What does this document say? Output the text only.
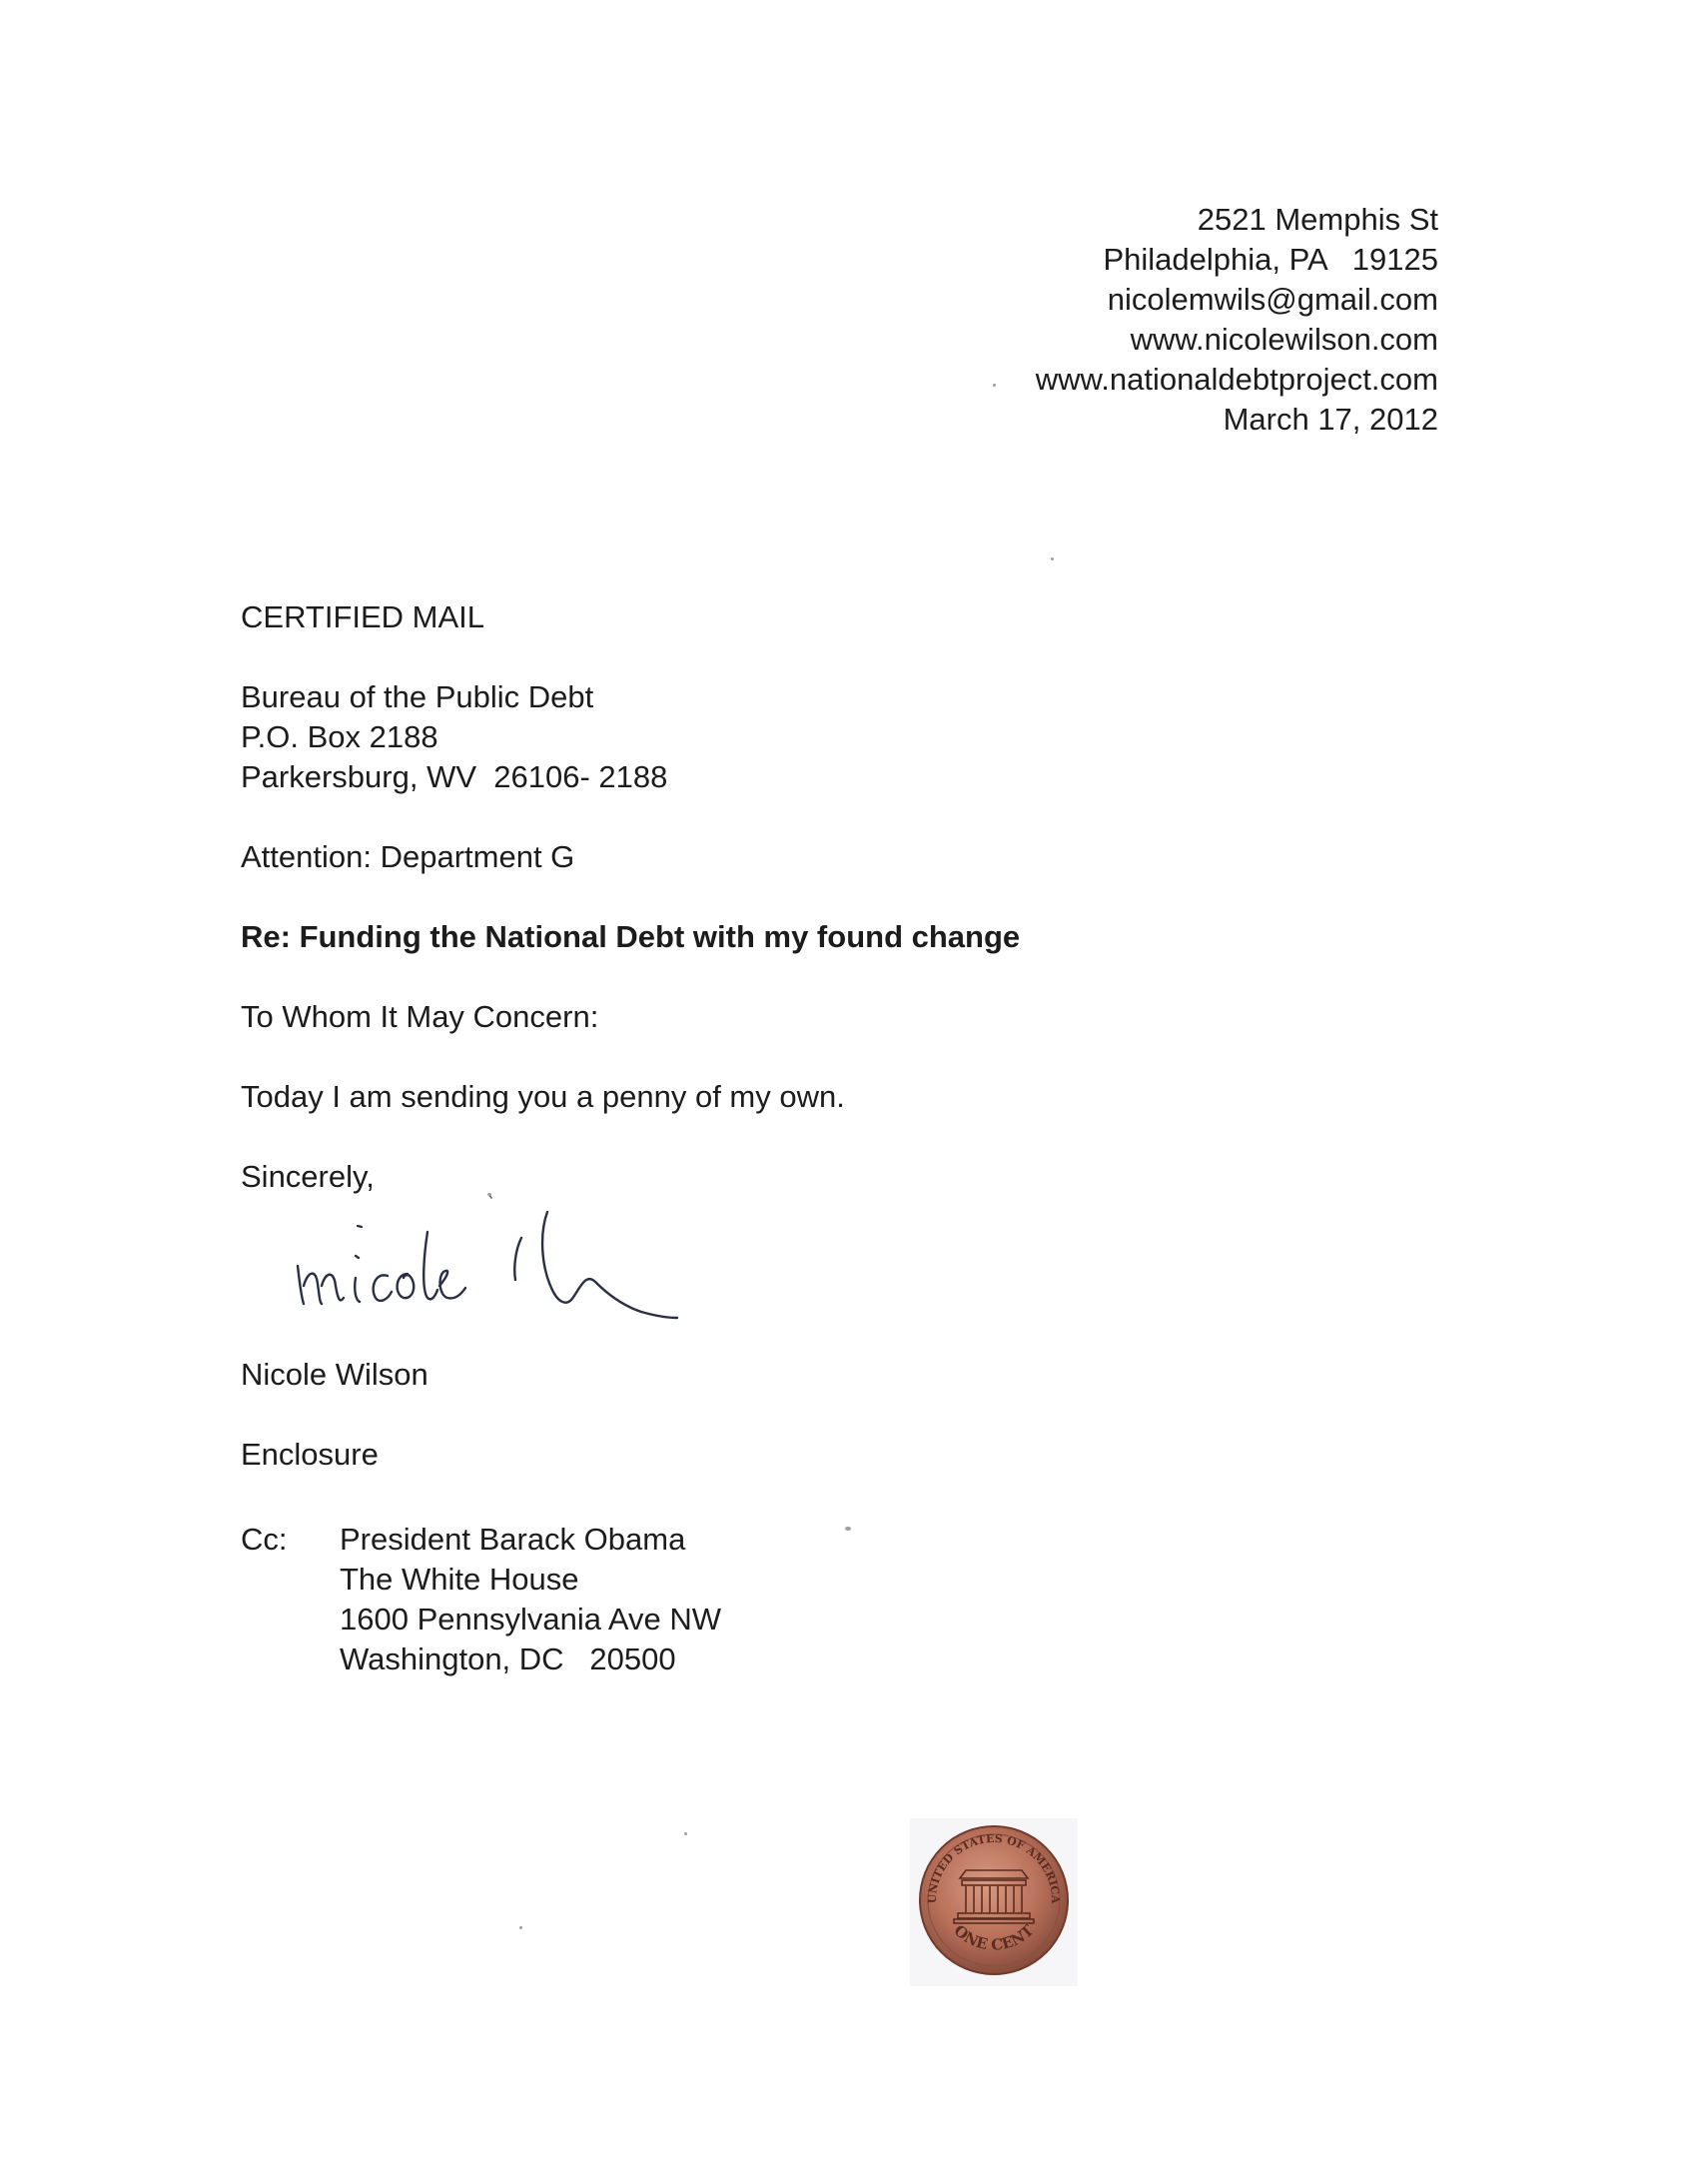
2521 Memphis St
Philadelphia, PA   19125
nicolemwils@gmail.com
www.nicolewilson.com
www.nationaldebtproject.com
March 17, 2012
CERTIFIED MAIL
Bureau of the Public Debt
P.O. Box 2188
Parkersburg, WV  26106- 2188
Attention: Department G
Re: Funding the National Debt with my found change
To Whom It May Concern:
Today I am sending you a penny of my own.
Sincerely,
Nicole Wilson
Enclosure
Cc: President Barack Obama
The White House
1600 Pennsylvania Ave NW
Washington, DC   20500
UNITED STATES OF AMERICA
ONE CENT
